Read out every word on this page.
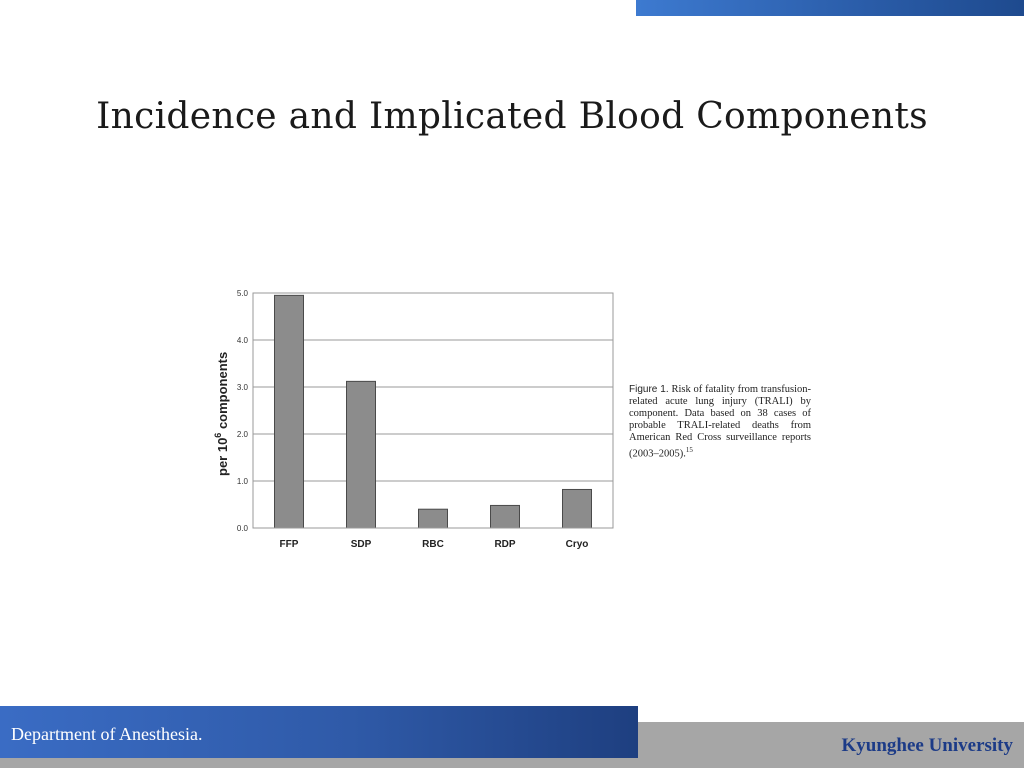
Incidence and Implicated Blood Components
0.0
1.0
2.0
3.0
4.0
5.0
FFP	SDP	RBC	RDP	Cryo
per $10^6$ components	Figure 1. Risk of fatality from transfusion-related acute lung injury (TRALI) by component. Data based on 38 cases of probable TRALI-related deaths from American Red Cross surveillance reports (2003–2005).$^{15}$
Department of Anesthesia.
Kyunghee University
